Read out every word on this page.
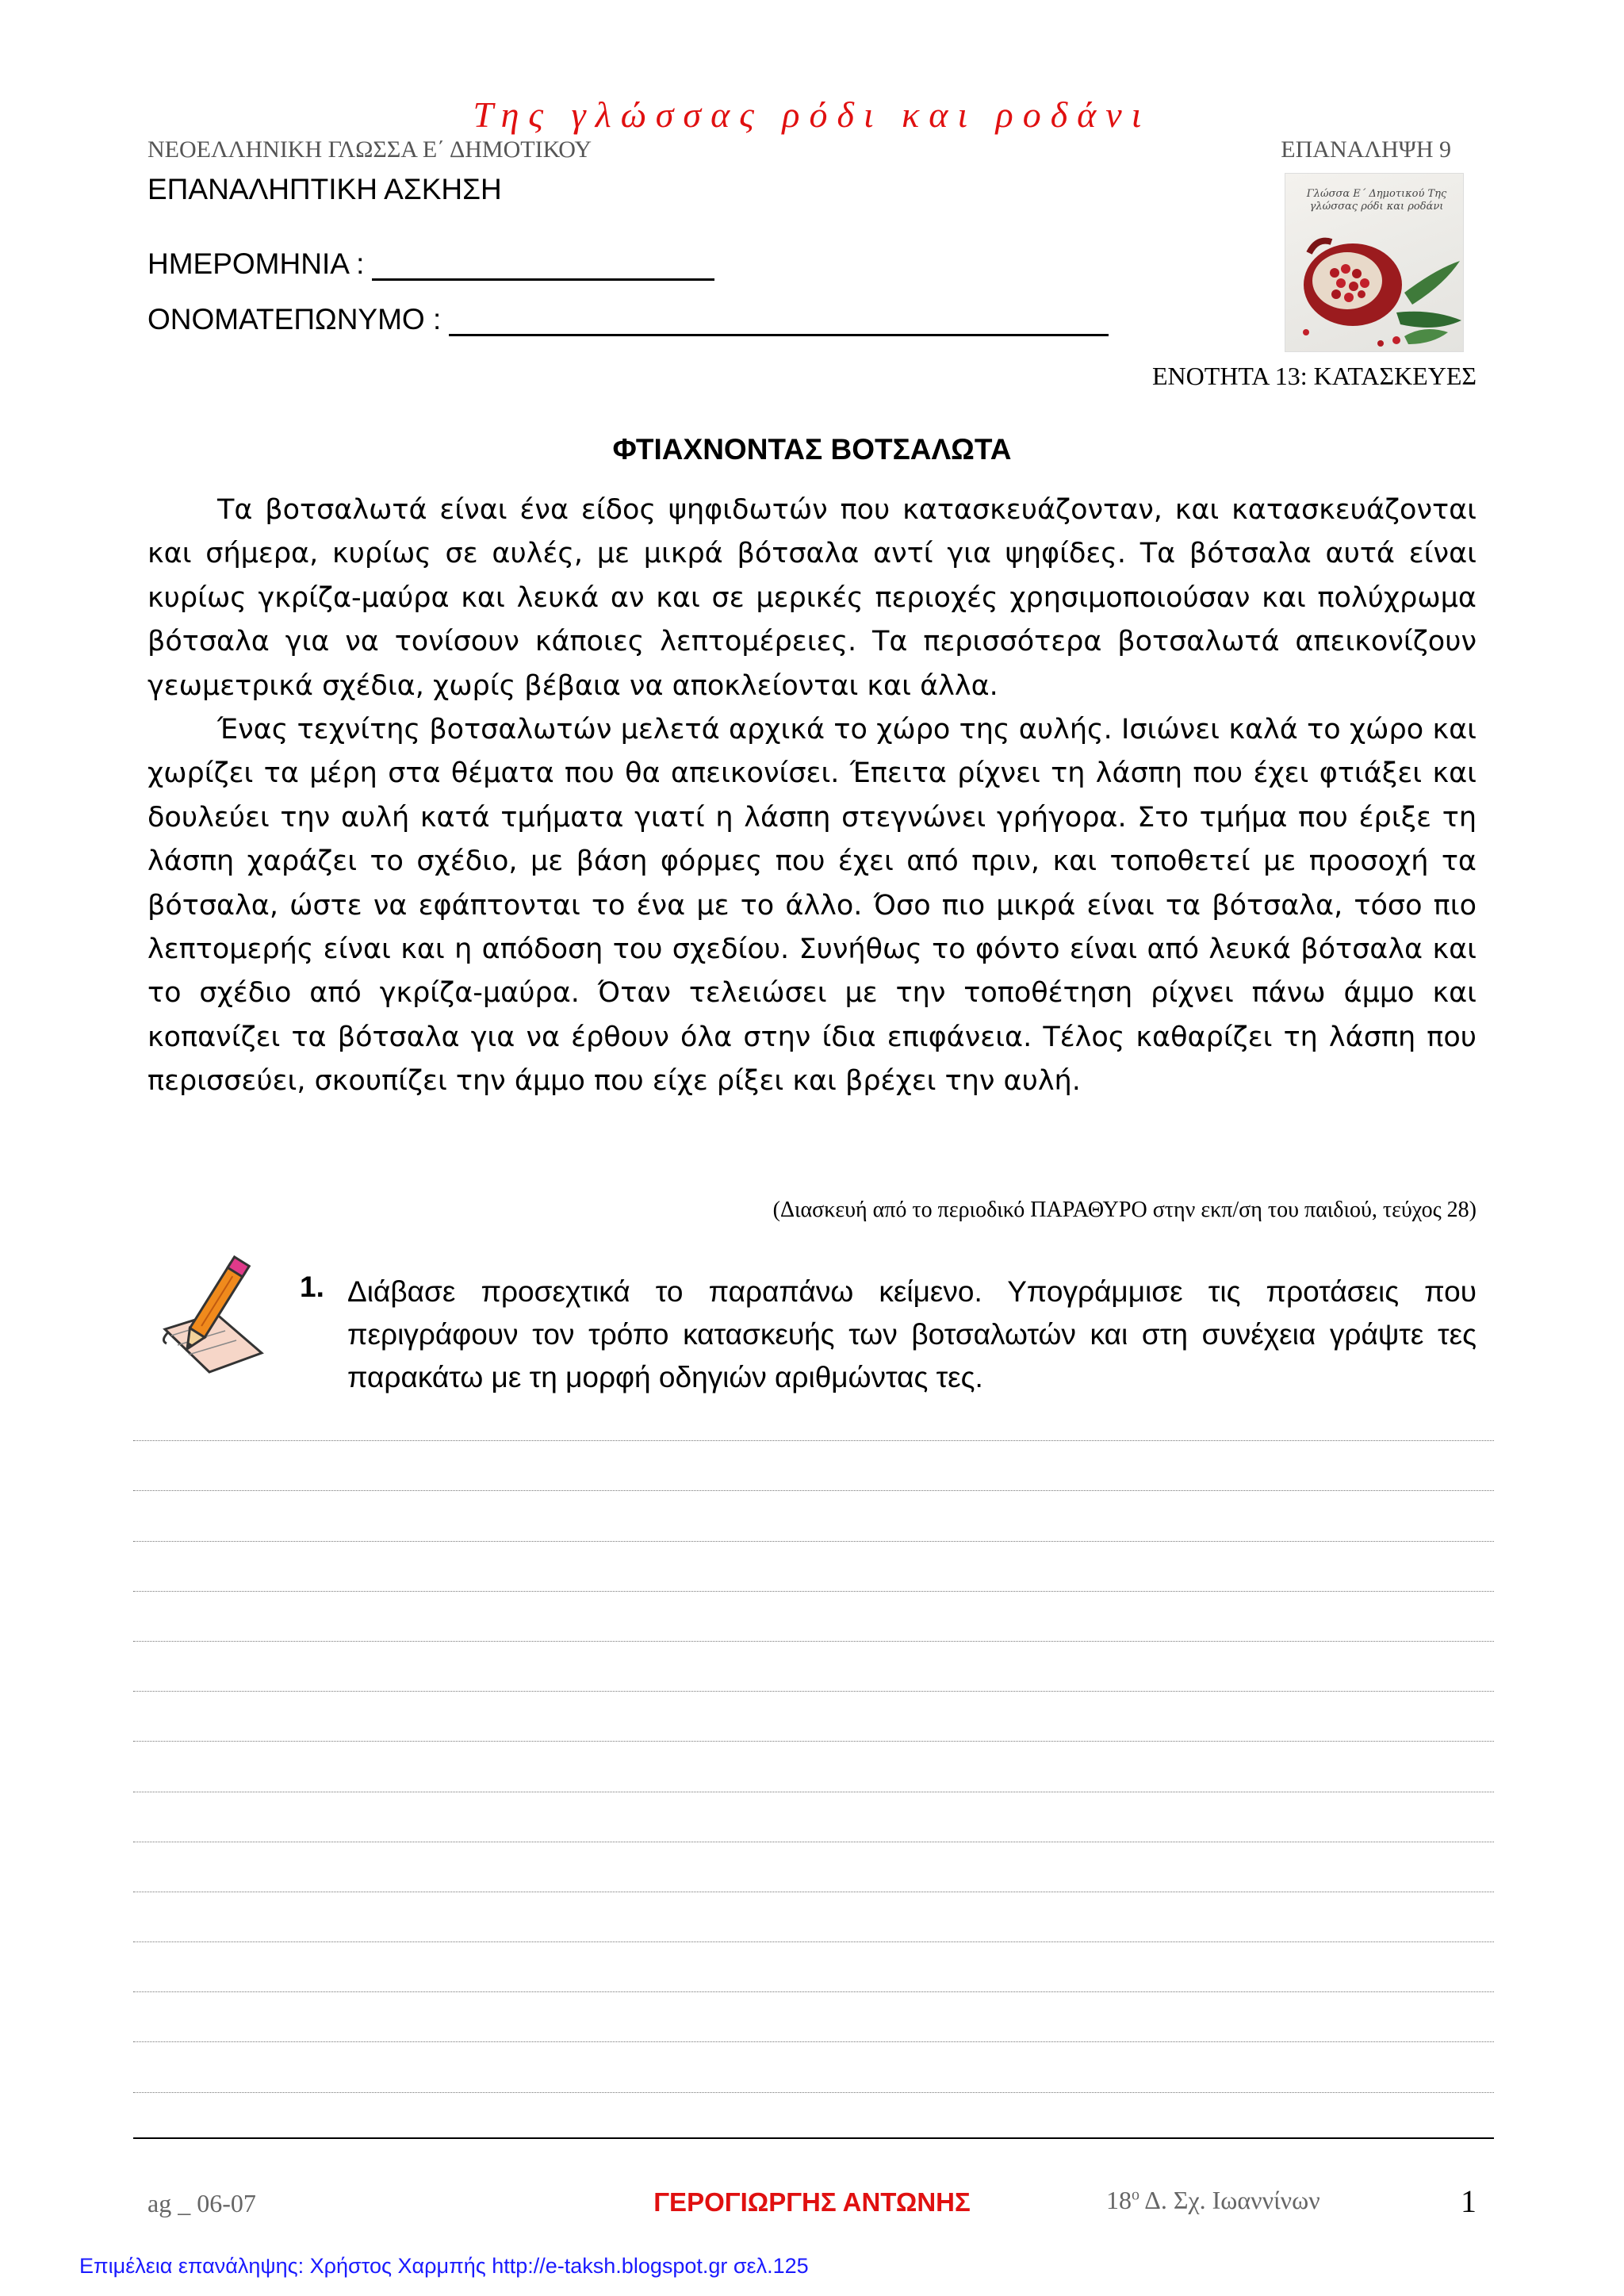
Της γλώσσας ρόδι και ροδάνι
ΝΕΟΕΛΛΗΝΙΚΗ ΓΛΩΣΣΑ Ε΄ ΔΗΜΟΤΙΚΟΥ	ΕΠΑΝΑΛΗΨΗ 9
ΕΠΑΝΑΛΗΠΤΙΚΗ ΑΣΚΗΣΗ
ΗΜΕΡΟΜΗΝΙΑ :
ΟΝΟΜΑΤΕΠΩΝΥΜΟ :
Γλώσσα Ε΄ Δημοτικού Της γλώσσας ρόδι και ροδάνι
ΕΝΟΤΗΤΑ 13: ΚΑΤΑΣΚΕΥΕΣ
ΦΤΙΑΧΝΟΝΤΑΣ ΒΟΤΣΑΛΩΤΑ

Τα βοτσαλωτά είναι ένα είδος ψηφιδωτών που κατασκευάζονταν, και κατασκευάζονται και σήμερα, κυρίως σε αυλές, με μικρά βότσαλα αντί για ψηφίδες. Τα βότσαλα αυτά είναι κυρίως γκρίζα-μαύρα και λευκά αν και σε μερικές περιοχές χρησιμοποιούσαν και πολύχρωμα βότσαλα για να τονίσουν κάποιες λεπτομέρειες. Τα περισσότερα βοτσαλωτά απεικονίζουν γεωμετρικά σχέδια, χωρίς βέβαια να αποκλείονται και άλλα.

Ένας τεχνίτης βοτσαλωτών μελετά αρχικά το χώρο της αυλής. Ισιώνει καλά το χώρο και χωρίζει τα μέρη στα θέματα που θα απεικονίσει. Έπειτα ρίχνει τη λάσπη που έχει φτιάξει και δουλεύει την αυλή κατά τμήματα γιατί η λάσπη στεγνώνει γρήγορα. Στο τμήμα που έριξε τη λάσπη χαράζει το σχέδιο, με βάση φόρμες που έχει από πριν, και τοποθετεί με προσοχή τα βότσαλα, ώστε να εφάπτονται το ένα με το άλλο. Όσο πιο μικρά είναι τα βότσαλα, τόσο πιο λεπτομερής είναι και η απόδοση του σχεδίου. Συνήθως το φόντο είναι από λευκά βότσαλα και το σχέδιο από γκρίζα-μαύρα. Όταν τελειώσει με την τοποθέτηση ρίχνει πάνω άμμο και κοπανίζει τα βότσαλα για να έρθουν όλα στην ίδια επιφάνεια. Τέλος καθαρίζει τη λάσπη που περισσεύει, σκουπίζει την άμμο που είχε ρίξει και βρέχει την αυλή.

(Διασκευή από το περιοδικό ΠΑΡΑΘΥΡΟ στην εκπ/ση του παιδιού, τεύχος 28)
1. Διάβασε προσεχτικά το παραπάνω κείμενο. Υπογράμμισε τις προτάσεις που περιγράφουν τον τρόπο κατασκευής των βοτσαλωτών και στη συνέχεια γράψτε τες παρακάτω με τη μορφή οδηγιών αριθμώντας τες.
ag _ 06-07	ΓΕΡΟΓΙΩΡΓΗΣ ΑΝΤΩΝΗΣ	$18^o$ Δ. Σχ. Ιωαννίνων	1
Επιμέλεια επανάληψης: Χρήστος Χαρμπής http://e-taksh.blogspot.gr σελ.125
